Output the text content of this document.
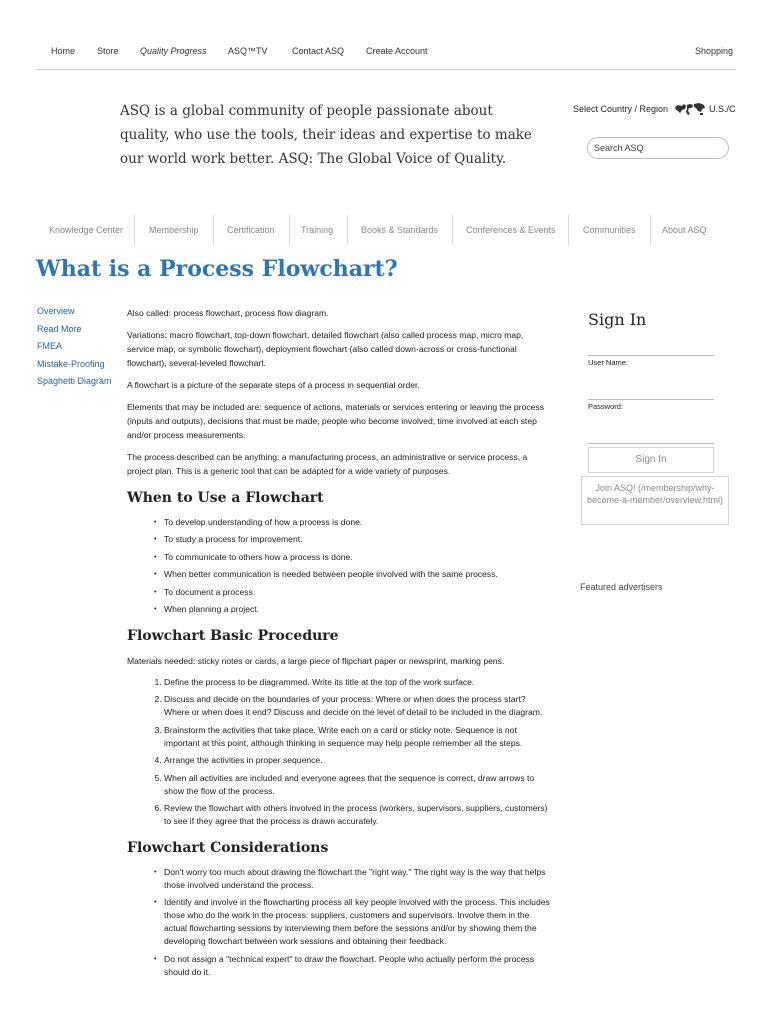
Home Store Quality Progress ASQ™TV	Contact ASQ Create Account	Shopping
ASQ is a global community of people passionate about quality, who use the tools, their ideas and expertise to make our world work better. ASQ: The Global Voice of Quality.
Select Country / Region	U.S./C
Search ASQ
Knowledge Center	Membership	Certification	Training	Books & Standards	Conferences & Events	Communities	About ASQ
What is a Process Flowchart?
Overview
Read More
FMEA
Mistake-Proofing
Spaghetti Diagram

Also called: process flowchart, process flow diagram.

Variations: macro flowchart, top-down flowchart, detailed flowchart (also called process map, micro map, service map, or symbolic flowchart), deployment flowchart (also called down-across or cross-functional flowchart), several-leveled flowchart.

A flowchart is a picture of the separate steps of a process in sequential order.

Elements that may be included are: sequence of actions, materials or services entering or leaving the process (inputs and outputs), decisions that must be made, people who become involved, time involved at each step and/or process measurements.

The process described can be anything: a manufacturing process, an administrative or service process, a project plan. This is a generic tool that can be adapted for a wide variety of purposes.

When to Use a Flowchart
• To develop understanding of how a process is done.
• To study a process for improvement.
• To communicate to others how a process is done.
• When better communication is needed between people involved with the same process.
• To document a process.
• When planning a project.
Flowchart Basic Procedure

Materials needed: sticky notes or cards, a large piece of flipchart paper or newsprint, marking pens.

1. Define the process to be diagrammed. Write its title at the top of the work surface.
2. Discuss and decide on the boundaries of your process: Where or when does the process start? Where or when does it end? Discuss and decide on the level of detail to be included in the diagram.
3. Brainstorm the activities that take place. Write each on a card or sticky note. Sequence is not important at this point, although thinking in sequence may help people remember all the steps.
4. Arrange the activities in proper sequence.
5. When all activities are included and everyone agrees that the sequence is correct, draw arrows to show the flow of the process.
6. Review the flowchart with others involved in the process (workers, supervisors, suppliers, customers) to see if they agree that the process is drawn accurately.
Flowchart Considerations
• Don't worry too much about drawing the flowchart the "right way." The right way is the way that helps those involved understand the process.
• Identify and involve in the flowcharting process all key people involved with the process. This includes those who do the work in the process: suppliers, customers and supervisors. Involve them in the actual flowcharting sessions by interviewing them before the sessions and/or by showing them the developing flowchart between work sessions and obtaining their feedback.
• Do not assign a "technical expert" to draw the flowchart. People who actually perform the process should do it.
Sign In
User Name:
Password:
Sign In
Join ASQ! (/membership/why-become-a-member/overview.html)
Featured advertisers
